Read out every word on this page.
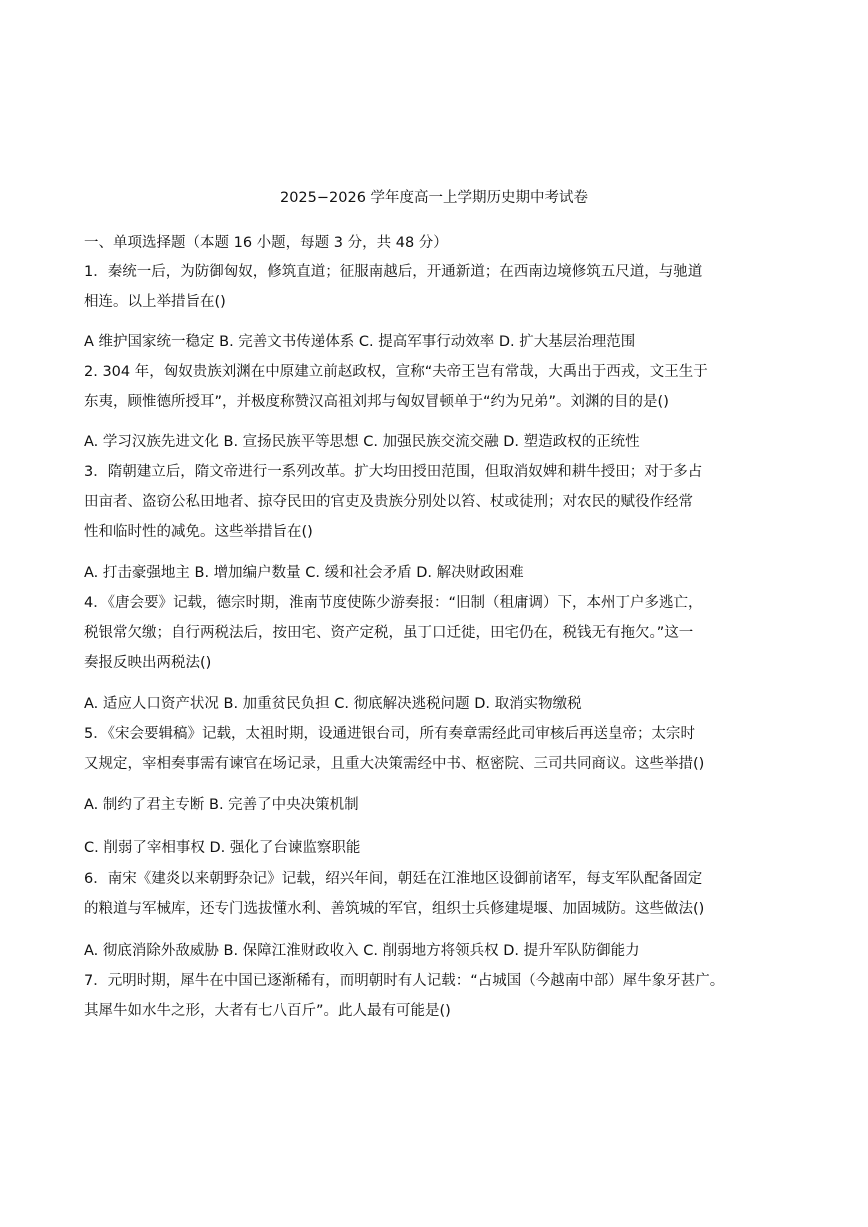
2025−2026 学年度高一上学期历史期中考试卷
一、单项选择题（本题 16 小题，每题 3 分，共 48 分）
1．秦统一后，为防御匈奴，修筑直道；征服南越后，开通新道；在西南边境修筑五尺道，与驰道
相连。以上举措旨在()
A 维护国家统一稳定 B. 完善文书传递体系 C. 提高军事行动效率 D. 扩大基层治理范围
2. 304 年，匈奴贵族刘渊在中原建立前赵政权，宣称“夫帝王岂有常哉，大禹出于西戎，文王生于
东夷，顾惟德所授耳”，并极度称赞汉高祖刘邦与匈奴冒顿单于“约为兄弟”。刘渊的目的是()
A. 学习汉族先进文化 B. 宣扬民族平等思想 C. 加强民族交流交融 D. 塑造政权的正统性
3．隋朝建立后，隋文帝进行一系列改革。扩大均田授田范围，但取消奴婢和耕牛授田；对于多占
田亩者、盗窃公私田地者、掠夺民田的官吏及贵族分别处以笞、杖或徒刑；对农民的赋役作经常
性和临时性的减免。这些举措旨在()
A. 打击豪强地主 B. 增加编户数量 C. 缓和社会矛盾 D. 解决财政困难
4．《唐会要》记载，德宗时期，淮南节度使陈少游奏报：“旧制（租庸调）下，本州丁户多逃亡，
税银常欠缴；自行两税法后，按田宅、资产定税，虽丁口迁徙，田宅仍在，税钱无有拖欠。”这一
奏报反映出两税法()
A. 适应人口资产状况 B. 加重贫民负担 C. 彻底解决逃税问题 D. 取消实物缴税
5．《宋会要辑稿》记载，太祖时期，设通进银台司，所有奏章需经此司审核后再送皇帝；太宗时
又规定，宰相奏事需有谏官在场记录，且重大决策需经中书、枢密院、三司共同商议。这些举措()
A. 制约了君主专断 B. 完善了中央决策机制
C. 削弱了宰相事权 D. 强化了台谏监察职能
6．南宋《建炎以来朝野杂记》记载，绍兴年间，朝廷在江淮地区设御前诸军，每支军队配备固定
的粮道与军械库，还专门选拔懂水利、善筑城的军官，组织士兵修建堤堰、加固城防。这些做法()
A. 彻底消除外敌威胁 B. 保障江淮财政收入 C. 削弱地方将领兵权 D. 提升军队防御能力
7．元明时期，犀牛在中国已逐渐稀有，而明朝时有人记载：“占城国（今越南中部）犀牛象牙甚广。
其犀牛如水牛之形，大者有七八百斤”。此人最有可能是()
